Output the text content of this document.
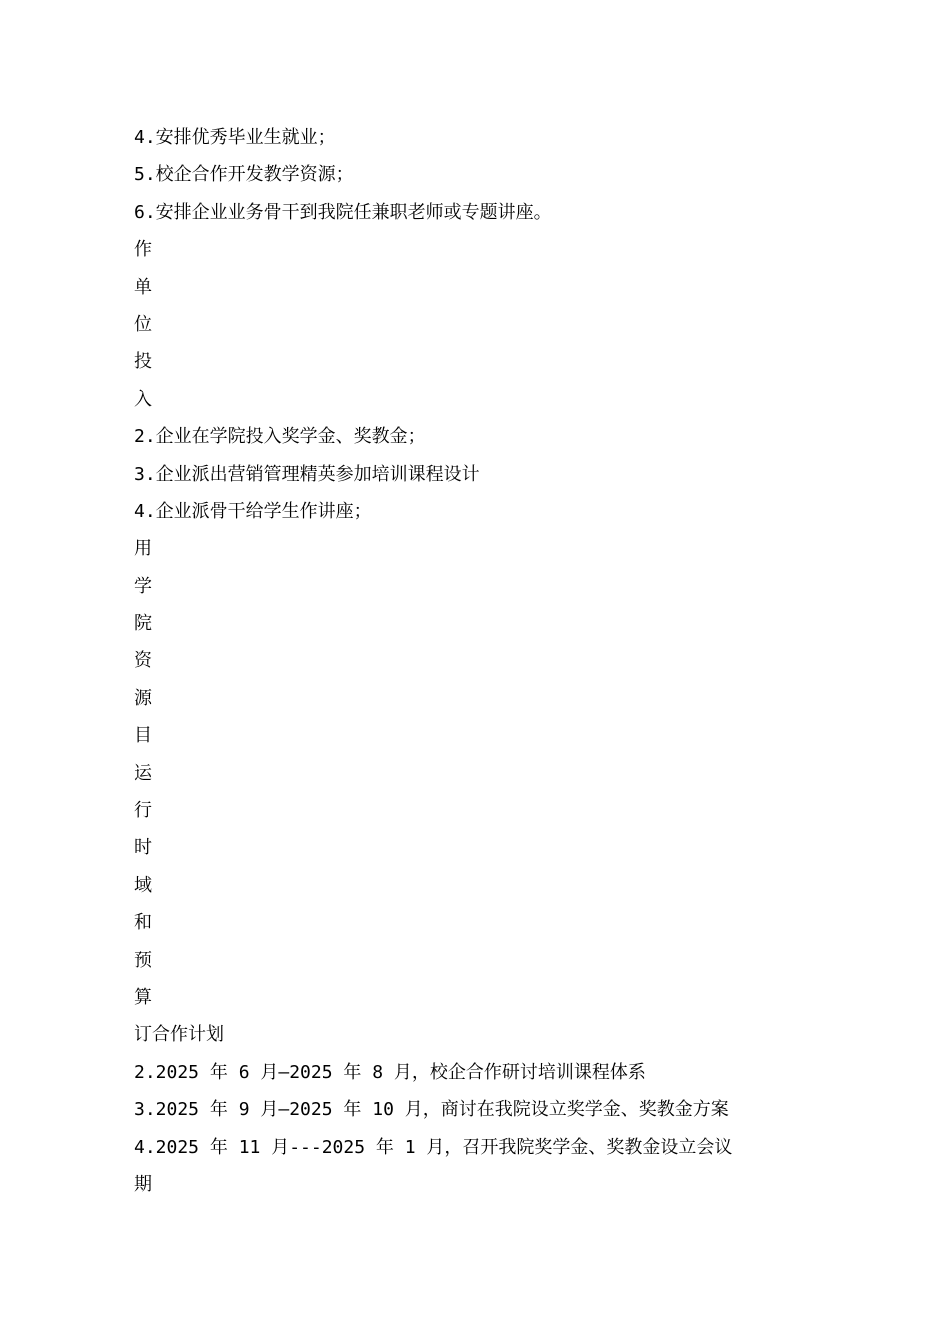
4.安排优秀毕业生就业；
5.校企合作开发教学资源；
6.安排企业业务骨干到我院任兼职老师或专题讲座。
作
单
位
投
入
2.企业在学院投入奖学金、奖教金；
3.企业派出营销管理精英参加培训课程设计
4.企业派骨干给学生作讲座；
用
学
院
资
源
目
运
行
时
域
和
预
算
订合作计划
2.2025 年 6 月—2025 年 8 月，校企合作研讨培训课程体系
3.2025 年 9 月—2025 年 10 月，商讨在我院设立奖学金、奖教金方案
4.2025 年 11 月---2025 年 1 月，召开我院奖学金、奖教金设立会议
期
